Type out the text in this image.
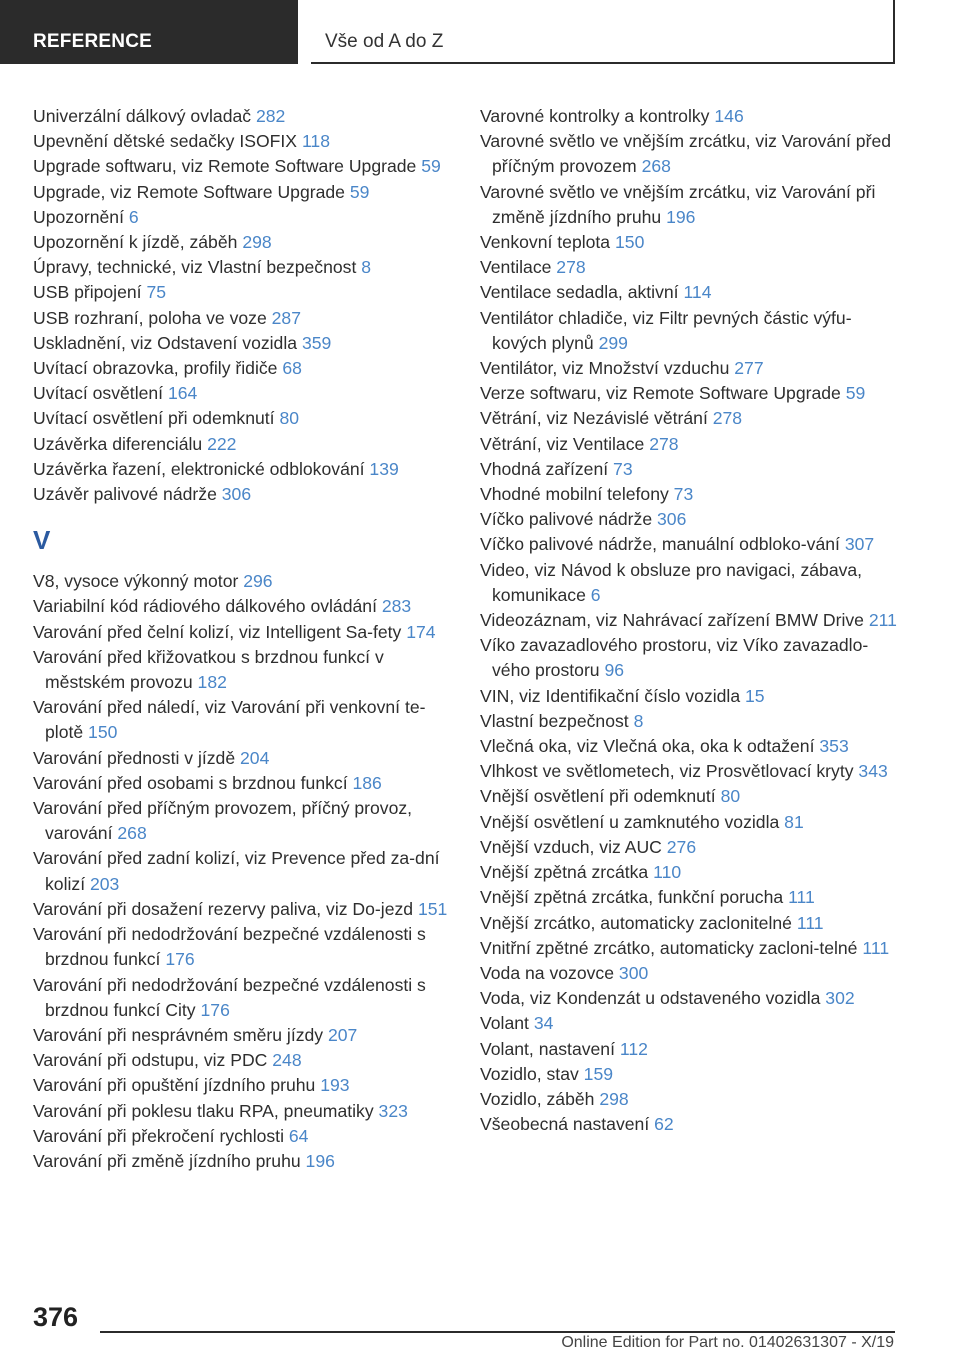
REFERENCE	Vše od A do Z

Univerzální dálkový ovladač 282

Upevnění dětské sedačky ISOFIX 118

Upgrade softwaru, viz Remote Software Upgrade 59

Upgrade, viz Remote Software Upgrade 59

Upozornění 6

Upozornění k jízdě, záběh 298

Úpravy, technické, viz Vlastní bezpečnost 8

USB připojení 75

USB rozhraní, poloha ve voze 287

Uskladnění, viz Odstavení vozidla 359

Uvítací obrazovka, profily řidiče 68

Uvítací osvětlení 164

Uvítací osvětlení při odemknutí 80

Uzávěrka diferenciálu 222

Uzávěrka řazení, elektronické odblokování 139

Uzávěr palivové nádrže 306

V

V8, vysoce výkonný motor 296

Variabilní kód rádiového dálkového ovládání 283

Varování před čelní kolizí, viz Intelligent Sa-fety 174

Varování před křižovatkou s brzdnou funkcí v městském provozu 182

Varování před náledí, viz Varování při venkovní te-plotě 150

Varování přednosti v jízdě 204

Varování před osobami s brzdnou funkcí 186

Varování před příčným provozem, příčný provoz, varování 268

Varování před zadní kolizí, viz Prevence před za-dní kolizí 203

Varování při dosažení rezervy paliva, viz Do-jezd 151

Varování při nedodržování bezpečné vzdálenosti s brzdnou funkcí 176

Varování při nedodržování bezpečné vzdálenosti s brzdnou funkcí City 176

Varování při nesprávném směru jízdy 207

Varování při odstupu, viz PDC 248

Varování při opuštění jízdního pruhu 193

Varování při poklesu tlaku RPA, pneumatiky 323

Varování při překročení rychlosti 64

Varování při změně jízdního pruhu 196

Varovné kontrolky a kontrolky 146

Varovné světlo ve vnějším zrcátku, viz Varování před příčným provozem 268

Varovné světlo ve vnějším zrcátku, viz Varování při změně jízdního pruhu 196

Venkovní teplota 150

Ventilace 278

Ventilace sedadla, aktivní 114

Ventilátor chladiče, viz Filtr pevných částic výfu-kových plynů 299

Ventilátor, viz Množství vzduchu 277

Verze softwaru, viz Remote Software Upgrade 59

Větrání, viz Nezávislé větrání 278

Větrání, viz Ventilace 278

Vhodná zařízení 73

Vhodné mobilní telefony 73

Víčko palivové nádrže 306

Víčko palivové nádrže, manuální odbloko-vání 307

Video, viz Návod k obsluze pro navigaci, zábava, komunikace 6

Videozáznam, viz Nahrávací zařízení BMW Drive 211

Víko zavazadlového prostoru, viz Víko zavazadlo-vého prostoru 96

VIN, viz Identifikační číslo vozidla 15

Vlastní bezpečnost 8

Vlečná oka, viz Vlečná oka, oka k odtažení 353

Vlhkost ve světlometech, viz Prosvětlovací kryty 343

Vnější osvětlení při odemknutí 80

Vnější osvětlení u zamknutého vozidla 81

Vnější vzduch, viz AUC 276

Vnější zpětná zrcátka 110

Vnější zpětná zrcátka, funkční porucha 111

Vnější zrcátko, automaticky zaclonitelné 111

Vnitřní zpětné zrcátko, automaticky zacloni-telné 111

Voda na vozovce 300

Voda, viz Kondenzát u odstaveného vozidla 302

Volant 34

Volant, nastavení 112

Vozidlo, stav 159

Vozidlo, záběh 298

Všeobecná nastavení 62

376
Online Edition for Part no. 01402631307 - X/19
